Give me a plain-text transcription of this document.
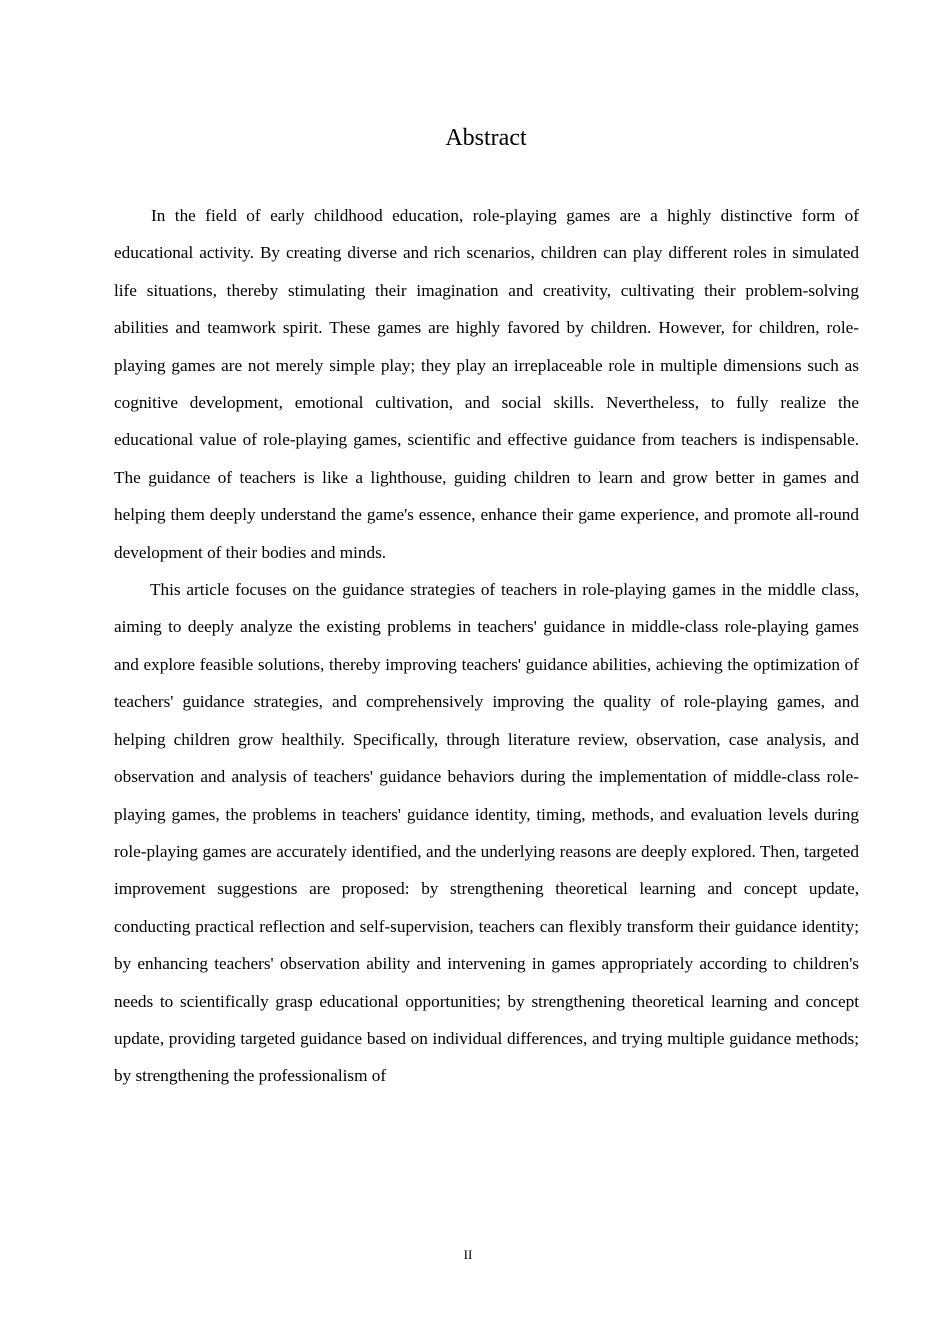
Abstract

In the field of early childhood education, role-playing games are a highly distinctive form of educational activity. By creating diverse and rich scenarios, children can play different roles in simulated life situations, thereby stimulating their imagination and creativity, cultivating their problem-solving abilities and teamwork spirit. These games are highly favored by children. However, for children, role-playing games are not merely simple play; they play an irreplaceable role in multiple dimensions such as cognitive development, emotional cultivation, and social skills. Nevertheless, to fully realize the educational value of role-playing games, scientific and effective guidance from teachers is indispensable. The guidance of teachers is like a lighthouse, guiding children to learn and grow better in games and helping them deeply understand the game's essence, enhance their game experience, and promote all-round development of their bodies and minds.

This article focuses on the guidance strategies of teachers in role-playing games in the middle class, aiming to deeply analyze the existing problems in teachers' guidance in middle-class role-playing games and explore feasible solutions, thereby improving teachers' guidance abilities, achieving the optimization of teachers' guidance strategies, and comprehensively improving the quality of role-playing games, and helping children grow healthily. Specifically, through literature review, observation, case analysis, and observation and analysis of teachers' guidance behaviors during the implementation of middle-class role-playing games, the problems in teachers' guidance identity, timing, methods, and evaluation levels during role-playing games are accurately identified, and the underlying reasons are deeply explored. Then, targeted improvement suggestions are proposed: by strengthening theoretical learning and concept update, conducting practical reflection and self-supervision, teachers can flexibly transform their guidance identity; by enhancing teachers' observation ability and intervening in games appropriately according to children's needs to scientifically grasp educational opportunities; by strengthening theoretical learning and concept update, providing targeted guidance based on individual differences, and trying multiple guidance methods; by strengthening the professionalism of

II
